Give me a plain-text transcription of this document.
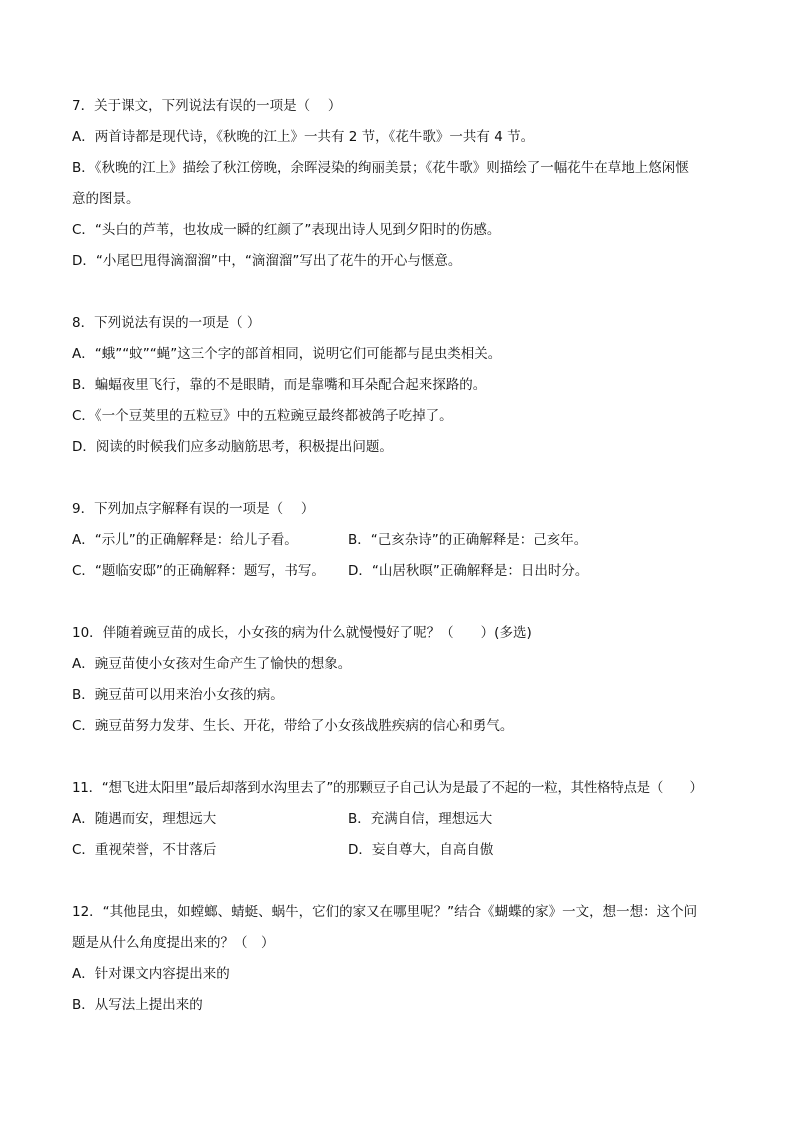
7．关于课文，下列说法有误的一项是（　 ）
A．两首诗都是现代诗，《秋晚的江上》一共有 2 节，《花牛歌》一共有 4 节。
B．《秋晚的江上》描绘了秋江傍晚，余晖浸染的绚丽美景；《花牛歌》则描绘了一幅花牛在草地上悠闲惬
意的图景。
C．“头白的芦苇，也妆成一瞬的红颜了”表现出诗人见到夕阳时的伤感。
D．“小尾巴甩得滴溜溜”中，“滴溜溜”写出了花牛的开心与惬意。
8．下列说法有误的一项是（ ）
A．“蛾”“蚊”“蝇”这三个字的部首相同，说明它们可能都与昆虫类相关。
B．蝙蝠夜里飞行，靠的不是眼睛，而是靠嘴和耳朵配合起来探路的。
C．《一个豆荚里的五粒豆》中的五粒豌豆最终都被鸽子吃掉了。
D．阅读的时候我们应多动脑筋思考，积极提出问题。
9．下列加点字解释有误的一项是（　 ）
A．“示儿”的正确解释是：给儿子看。	B．“己亥杂诗”的正确解释是：己亥年。
C．“题临安邸”的正确解释：题写，书写。	D．“山居秋暝”正确解释是：日出时分。
10．伴随着豌豆苗的成长，小女孩的病为什么就慢慢好了呢？（　　）(多选)
A．豌豆苗使小女孩对生命产生了愉快的想象。
B．豌豆苗可以用来治小女孩的病。
C．豌豆苗努力发芽、生长、开花，带给了小女孩战胜疾病的信心和勇气。
11．“想飞进太阳里”最后却落到水沟里去了”的那颗豆子自己认为是最了不起的一粒，其性格特点是（　　）
A．随遇而安，理想远大	B．充满自信，理想远大
C．重视荣誉，不甘落后	D．妄自尊大，自高自傲
12．“其他昆虫，如螳螂、蜻蜓、蜗牛，它们的家又在哪里呢？”结合《蝴蝶的家》一文，想一想：这个问
题是从什么角度提出来的？（　）
A．针对课文内容提出来的
B．从写法上提出来的
